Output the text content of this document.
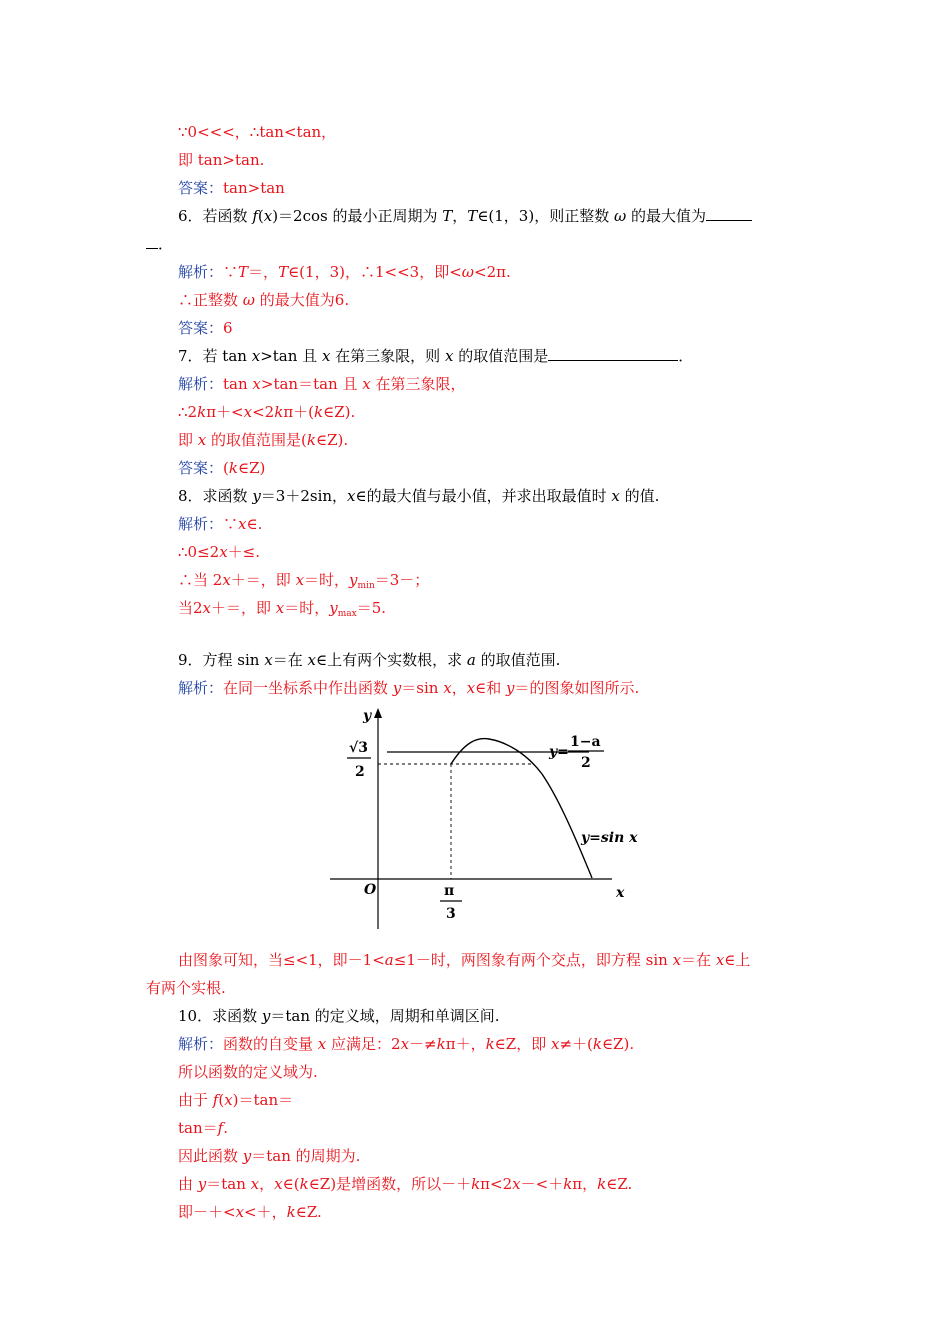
∵0<<<，∴tan<tan，
即 tan>tan.
答案：tan>tan
6．若函数 f(x)＝2cos 的最小正周期为 T，T∈(1，3)，则正整数 ω 的最大值为
．
解析：∵T＝，T∈(1，3)，∴1<<3，即<ω<2π.
∴正整数 ω 的最大值为6.
答案：6
7．若 tan x>tan 且 x 在第三象限，则 x 的取值范围是	．
解析：tan x>tan＝tan 且 x 在第三象限，
∴2kπ＋<x<2kπ＋(k∈Z).
即 x 的取值范围是(k∈Z).
答案：(k∈Z)
8．求函数 y＝3＋2sin，x∈的最大值与最小值，并求出取最值时 x 的值.
解析：∵x∈.
∴0≤2x＋≤.
∴当 2x＋＝，即 x＝时，$y_{min}=3-$；
当2x＋＝，即 x＝时，$y_{max}=5$.
9．方程 sin x＝在 x∈上有两个实数根，求 a 的取值范围.
解析：在同一坐标系中作出函数 y＝sin x，x∈和 y＝的图象如图所示.
y
x
O
√3
2
π
3
y=
1−a
2
y=sin x
由图象可知，当≤<1，即－1<a≤1－时，两图象有两个交点，即方程 sin x＝在 x∈上
有两个实根.
10．求函数 y＝tan 的定义域，周期和单调区间.
解析：函数的自变量 x 应满足：2x－≠kπ＋，k∈Z，即 x≠＋(k∈Z).
所以函数的定义域为.
由于 f(x)＝tan＝
tan＝f.
因此函数 y＝tan 的周期为.
由 y＝tan x，x∈(k∈Z)是增函数，所以－＋kπ<2x－<＋kπ，k∈Z.
即－＋<x<＋，k∈Z.
